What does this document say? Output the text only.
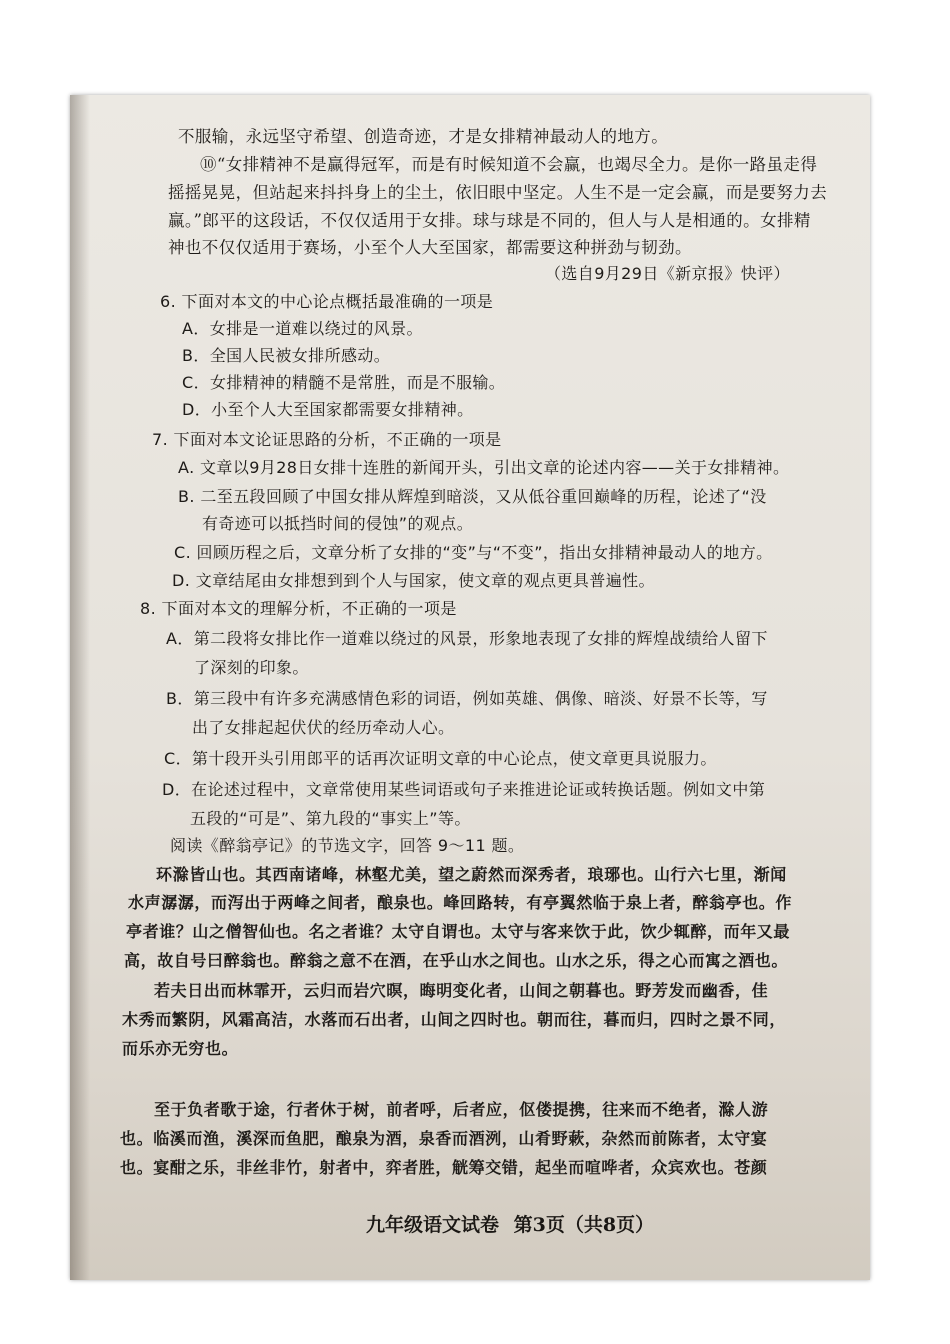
不服输，永远坚守希望、创造奇迹，才是女排精神最动人的地方。
⑩“女排精神不是赢得冠军，而是有时候知道不会赢，也竭尽全力。是你一路虽走得
摇摇晃晃，但站起来抖抖身上的尘土，依旧眼中坚定。人生不是一定会赢，而是要努力去
赢。”郎平的这段话，不仅仅适用于女排。球与球是不同的，但人与人是相通的。女排精
神也不仅仅适用于赛场，小至个人大至国家，都需要这种拼劲与韧劲。
（选自9月29日《新京报》快评）
6. 下面对本文的中心论点概括最准确的一项是
A．女排是一道难以绕过的风景。
B．全国人民被女排所感动。
C．女排精神的精髓不是常胜，而是不服输。
D．小至个人大至国家都需要女排精神。
7. 下面对本文论证思路的分析，不正确的一项是
A. 文章以9月28日女排十连胜的新闻开头，引出文章的论述内容——关于女排精神。
B. 二至五段回顾了中国女排从辉煌到暗淡，又从低谷重回巅峰的历程，论述了“没
有奇迹可以抵挡时间的侵蚀”的观点。
C. 回顾历程之后，文章分析了女排的“变”与“不变”，指出女排精神最动人的地方。
D. 文章结尾由女排想到到个人与国家，使文章的观点更具普遍性。
8. 下面对本文的理解分析，不正确的一项是
A．第二段将女排比作一道难以绕过的风景，形象地表现了女排的辉煌战绩给人留下
了深刻的印象。
B．第三段中有许多充满感情色彩的词语，例如英雄、偶像、暗淡、好景不长等，写
出了女排起起伏伏的经历牵动人心。
C．第十段开头引用郎平的话再次证明文章的中心论点，使文章更具说服力。
D．在论述过程中，文章常使用某些词语或句子来推进论证或转换话题。例如文中第
五段的“可是”、第九段的“事实上”等。
阅读《醉翁亭记》的节选文字，回答 9～11 题。
环滁皆山也。其西南诸峰，林壑尤美，望之蔚然而深秀者，琅琊也。山行六七里，渐闻
水声潺潺，而泻出于两峰之间者，酿泉也。峰回路转，有亭翼然临于泉上者，醉翁亭也。作
亭者谁？山之僧智仙也。名之者谁？太守自谓也。太守与客来饮于此，饮少辄醉，而年又最
高，故自号曰醉翁也。醉翁之意不在酒，在乎山水之间也。山水之乐，得之心而寓之酒也。
若夫日出而林霏开，云归而岩穴暝，晦明变化者，山间之朝暮也。野芳发而幽香，佳
木秀而繁阴，风霜高洁，水落而石出者，山间之四时也。朝而往，暮而归，四时之景不同，
而乐亦无穷也。
至于负者歌于途，行者休于树，前者呼，后者应，伛偻提携，往来而不绝者，滁人游
也。临溪而渔，溪深而鱼肥，酿泉为酒，泉香而酒洌，山肴野蔌，杂然而前陈者，太守宴
也。宴酣之乐，非丝非竹，射者中，弈者胜，觥筹交错，起坐而喧哗者，众宾欢也。苍颜
九年级语文试卷 第3页（共8页）
